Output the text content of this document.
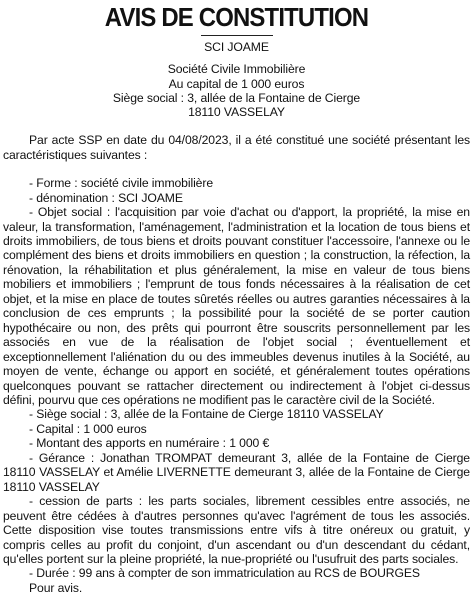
AVIS DE CONSTITUTION
SCI JOAME
Société Civile Immobilière
Au capital de 1 000 euros
Siège social : 3, allée de la Fontaine de Cierge
18110 VASSELAY

Par acte SSP en date du 04/08/2023, il a été constitué une société présentant les caractéristiques suivantes :

- Forme : société civile immobilière

- dénomination : SCI JOAME

- Objet social : l'acquisition par voie d'achat ou d'apport, la propriété, la mise en valeur, la transformation, l'aménagement, l'administration et la location de tous biens et droits immobiliers, de tous biens et droits pouvant constituer l'accessoire, l'annexe ou le complément des biens et droits immobiliers en question ; la construction, la réfection, la rénovation, la réhabilitation et plus généralement, la mise en valeur de tous biens mobiliers et immobiliers ; l'emprunt de tous fonds nécessaires à la réalisation de cet objet, et la mise en place de toutes sûretés réelles ou autres garanties nécessaires à la conclusion de ces emprunts ; la possibilité pour la société de se porter caution hypothécaire ou non, des prêts qui pourront être souscrits personnellement par les associés en vue de la réalisation de l'objet social ; éventuellement et exceptionnellement l'aliénation du ou des immeubles devenus inutiles à la Société, au moyen de vente, échange ou apport en société, et généralement toutes opérations quelconques pouvant se rattacher directement ou indirectement à l'objet ci-dessus défini, pourvu que ces opérations ne modifient pas le caractère civil de la Société.

- Siège social : 3, allée de la Fontaine de Cierge 18110 VASSELAY

- Capital : 1 000 euros

- Montant des apports en numéraire : 1 000 €

- Gérance : Jonathan TROMPAT demeurant 3, allée de la Fontaine de Cierge 18110 VASSELAY et Amélie LIVERNETTE demeurant 3, allée de la Fontaine de Cierge 18110 VASSELAY

- cession de parts : les parts sociales, librement cessibles entre associés, ne peuvent être cédées à d'autres personnes qu'avec l'agrément de tous les associés. Cette disposition vise toutes transmissions entre vifs à titre onéreux ou gratuit, y compris celles au profit du conjoint, d'un ascendant ou d'un descendant du cédant, qu'elles portent sur la pleine propriété, la nue-propriété ou l'usufruit des parts sociales.

- Durée : 99 ans à compter de son immatriculation au RCS de BOURGES

Pour avis.
